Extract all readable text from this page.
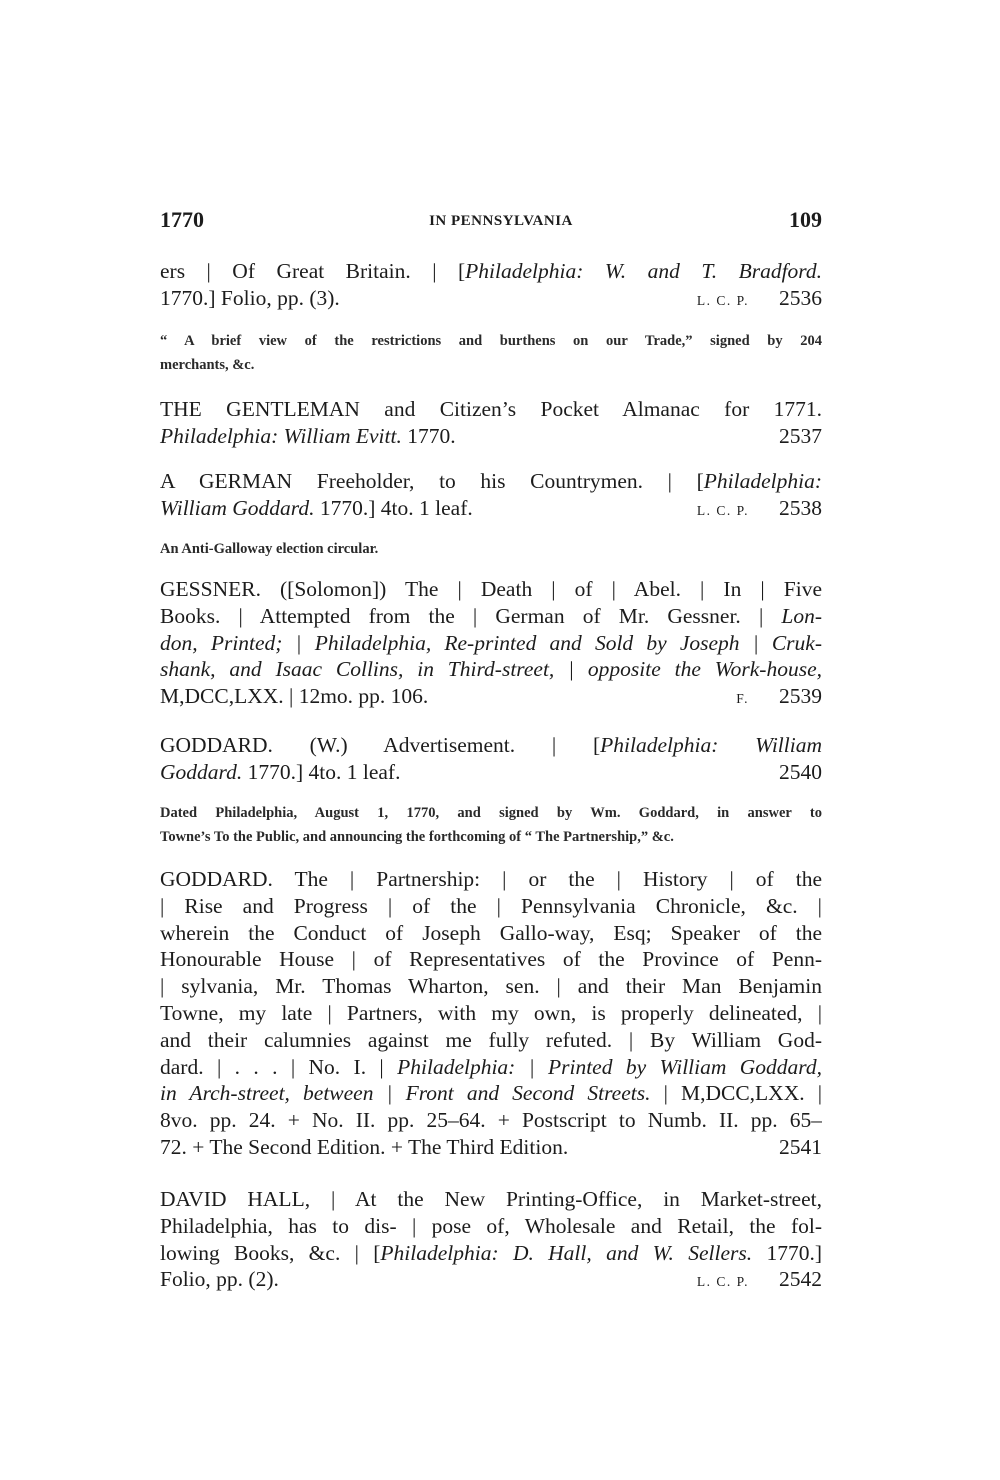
1770	IN PENNSYLVANIA	109
ers | Of Great Britain. | [Philadelphia: W. and T. Bradford.
1770.] Folio, pp. (3).	L. C. P. 2536
“ A brief view of the restrictions and burthens on our Trade,” signed by 204
merchants, &c.
THE GENTLEMAN and Citizen’s Pocket Almanac for 1771.
Philadelphia: William Evitt. 1770.	2537
A GERMAN Freeholder, to his Countrymen. | [Philadelphia:
William Goddard. 1770.] 4to. 1 leaf.	L. C. P. 2538
An Anti-Galloway election circular.
GESSNER. ([Solomon]) The | Death | of | Abel. | In | Five
Books. | Attempted from the | German of Mr. Gessner. | Lon-
don, Printed; | Philadelphia, Re-printed and Sold by Joseph | Cruk-
shank, and Isaac Collins, in Third-street, | opposite the Work-house,
M,DCC,LXX. | 12mo. pp. 106.	F. 2539
GODDARD. (W.) Advertisement. | [Philadelphia: William
Goddard. 1770.] 4to. 1 leaf.	2540
Dated Philadelphia, August 1, 1770, and signed by Wm. Goddard, in answer to
Towne’s To the Public, and announcing the forthcoming of “ The Partnership,” &c.
GODDARD. The | Partnership: | or the | History | of the
| Rise and Progress | of the | Pennsylvania Chronicle, &c. |
wherein the Conduct of Joseph Gallo-way, Esq; Speaker of the
Honourable House | of Representatives of the Province of Penn-
| sylvania, Mr. Thomas Wharton, sen. | and their Man Benjamin
Towne, my late | Partners, with my own, is properly delineated, |
and their calumnies against me fully refuted. | By William God-
dard. | . . . | No. I. | Philadelphia: | Printed by William Goddard,
in Arch-street, between | Front and Second Streets. | M,DCC,LXX. |
8vo. pp. 24. + No. II. pp. 25–64. + Postscript to Numb. II. pp. 65–
72. + The Second Edition. + The Third Edition.	2541
DAVID HALL, | At the New Printing-Office, in Market-street,
Philadelphia, has to dis- | pose of, Wholesale and Retail, the fol-
lowing Books, &c. | [Philadelphia: D. Hall, and W. Sellers. 1770.]
Folio, pp. (2).	L. C. P. 2542
